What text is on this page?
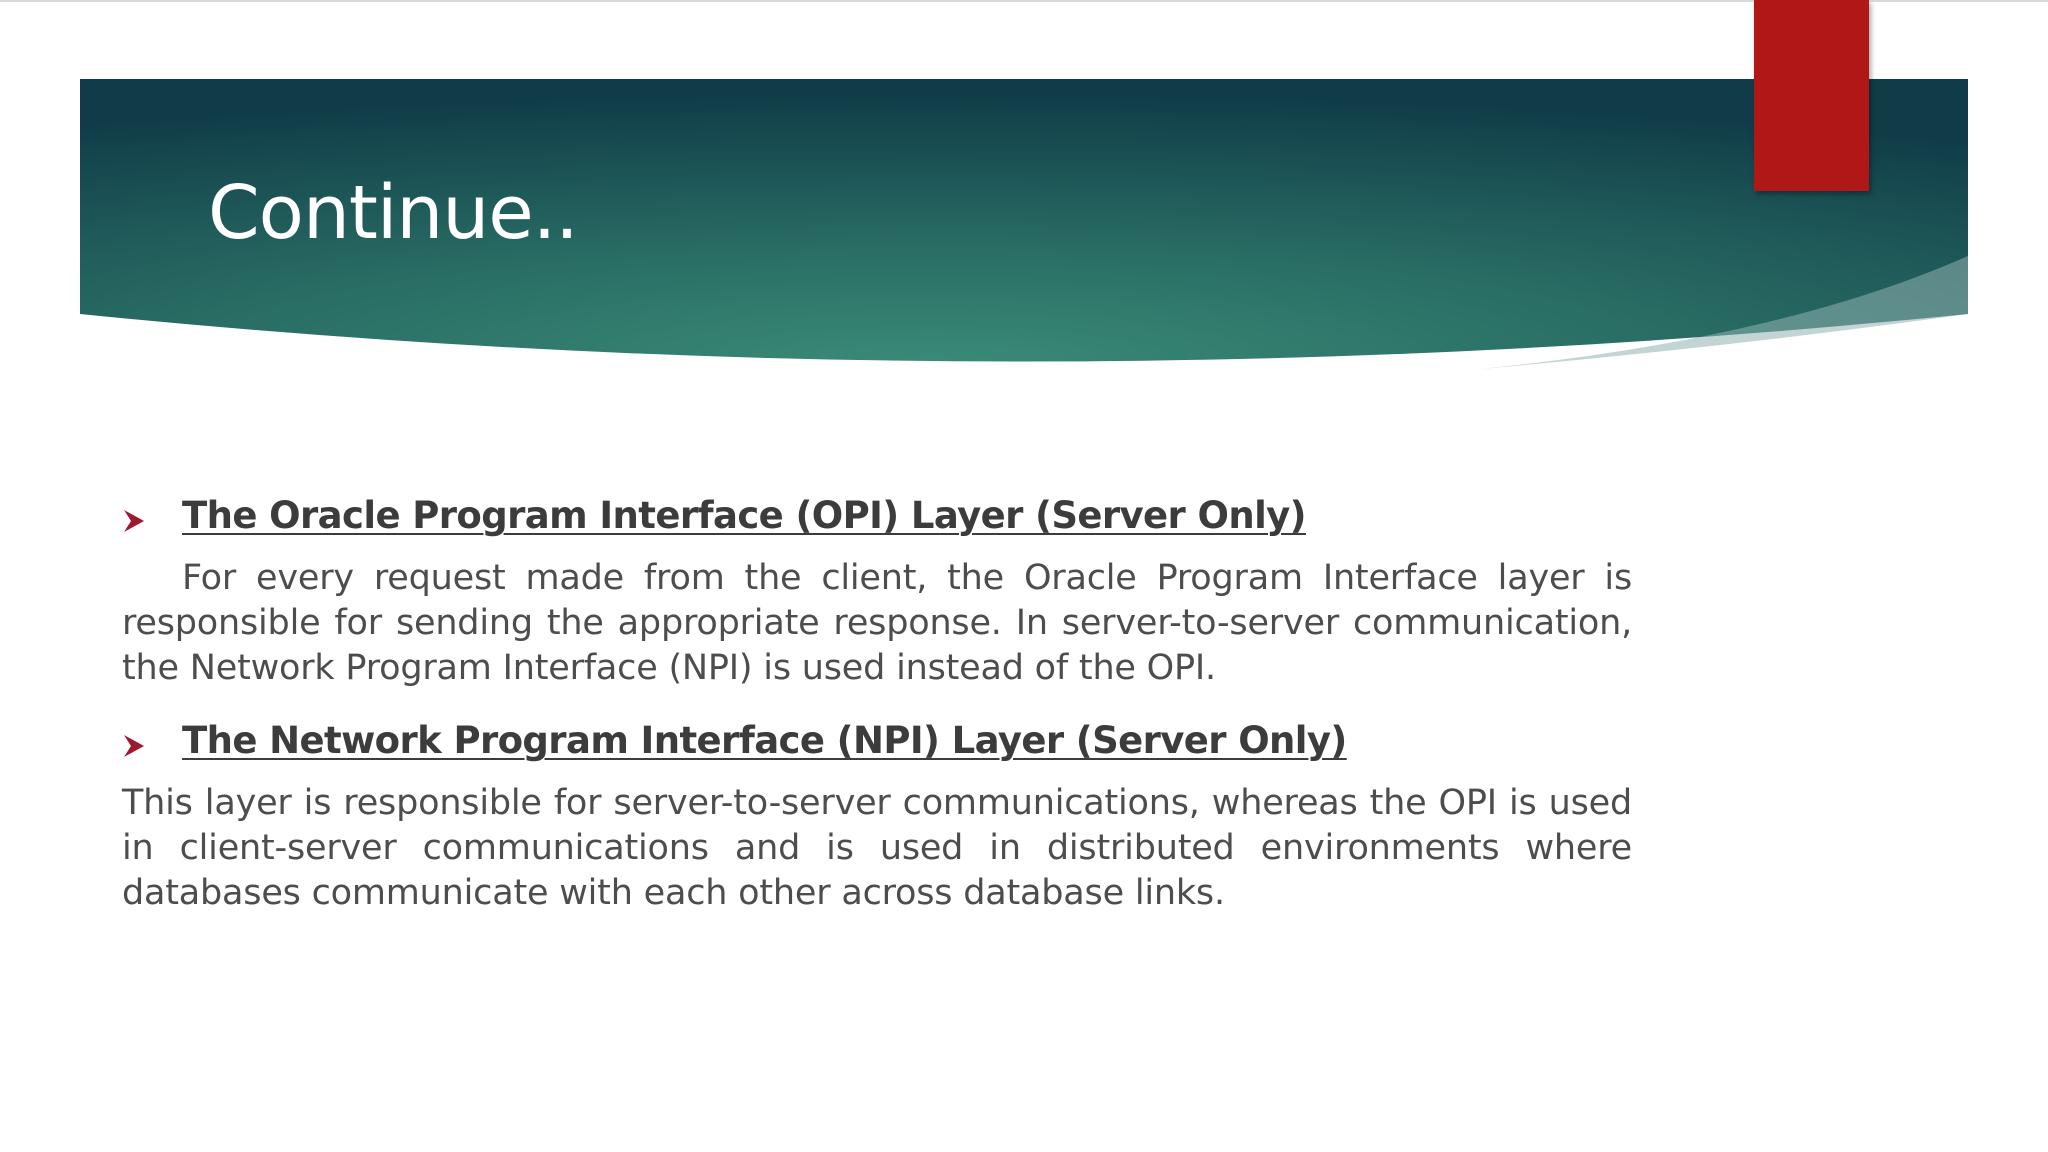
Continue..
The Oracle Program Interface (OPI) Layer (Server Only)

For every request made from the client, the Oracle Program Interface layer is responsible for sending the appropriate response. In server-to-server communication, the Network Program Interface (NPI) is used instead of the OPI.

The Network Program Interface (NPI) Layer (Server Only)

This layer is responsible for server-to-server communications, whereas the OPI is used in client-server communications and is used in distributed environments where databases communicate with each other across database links.
